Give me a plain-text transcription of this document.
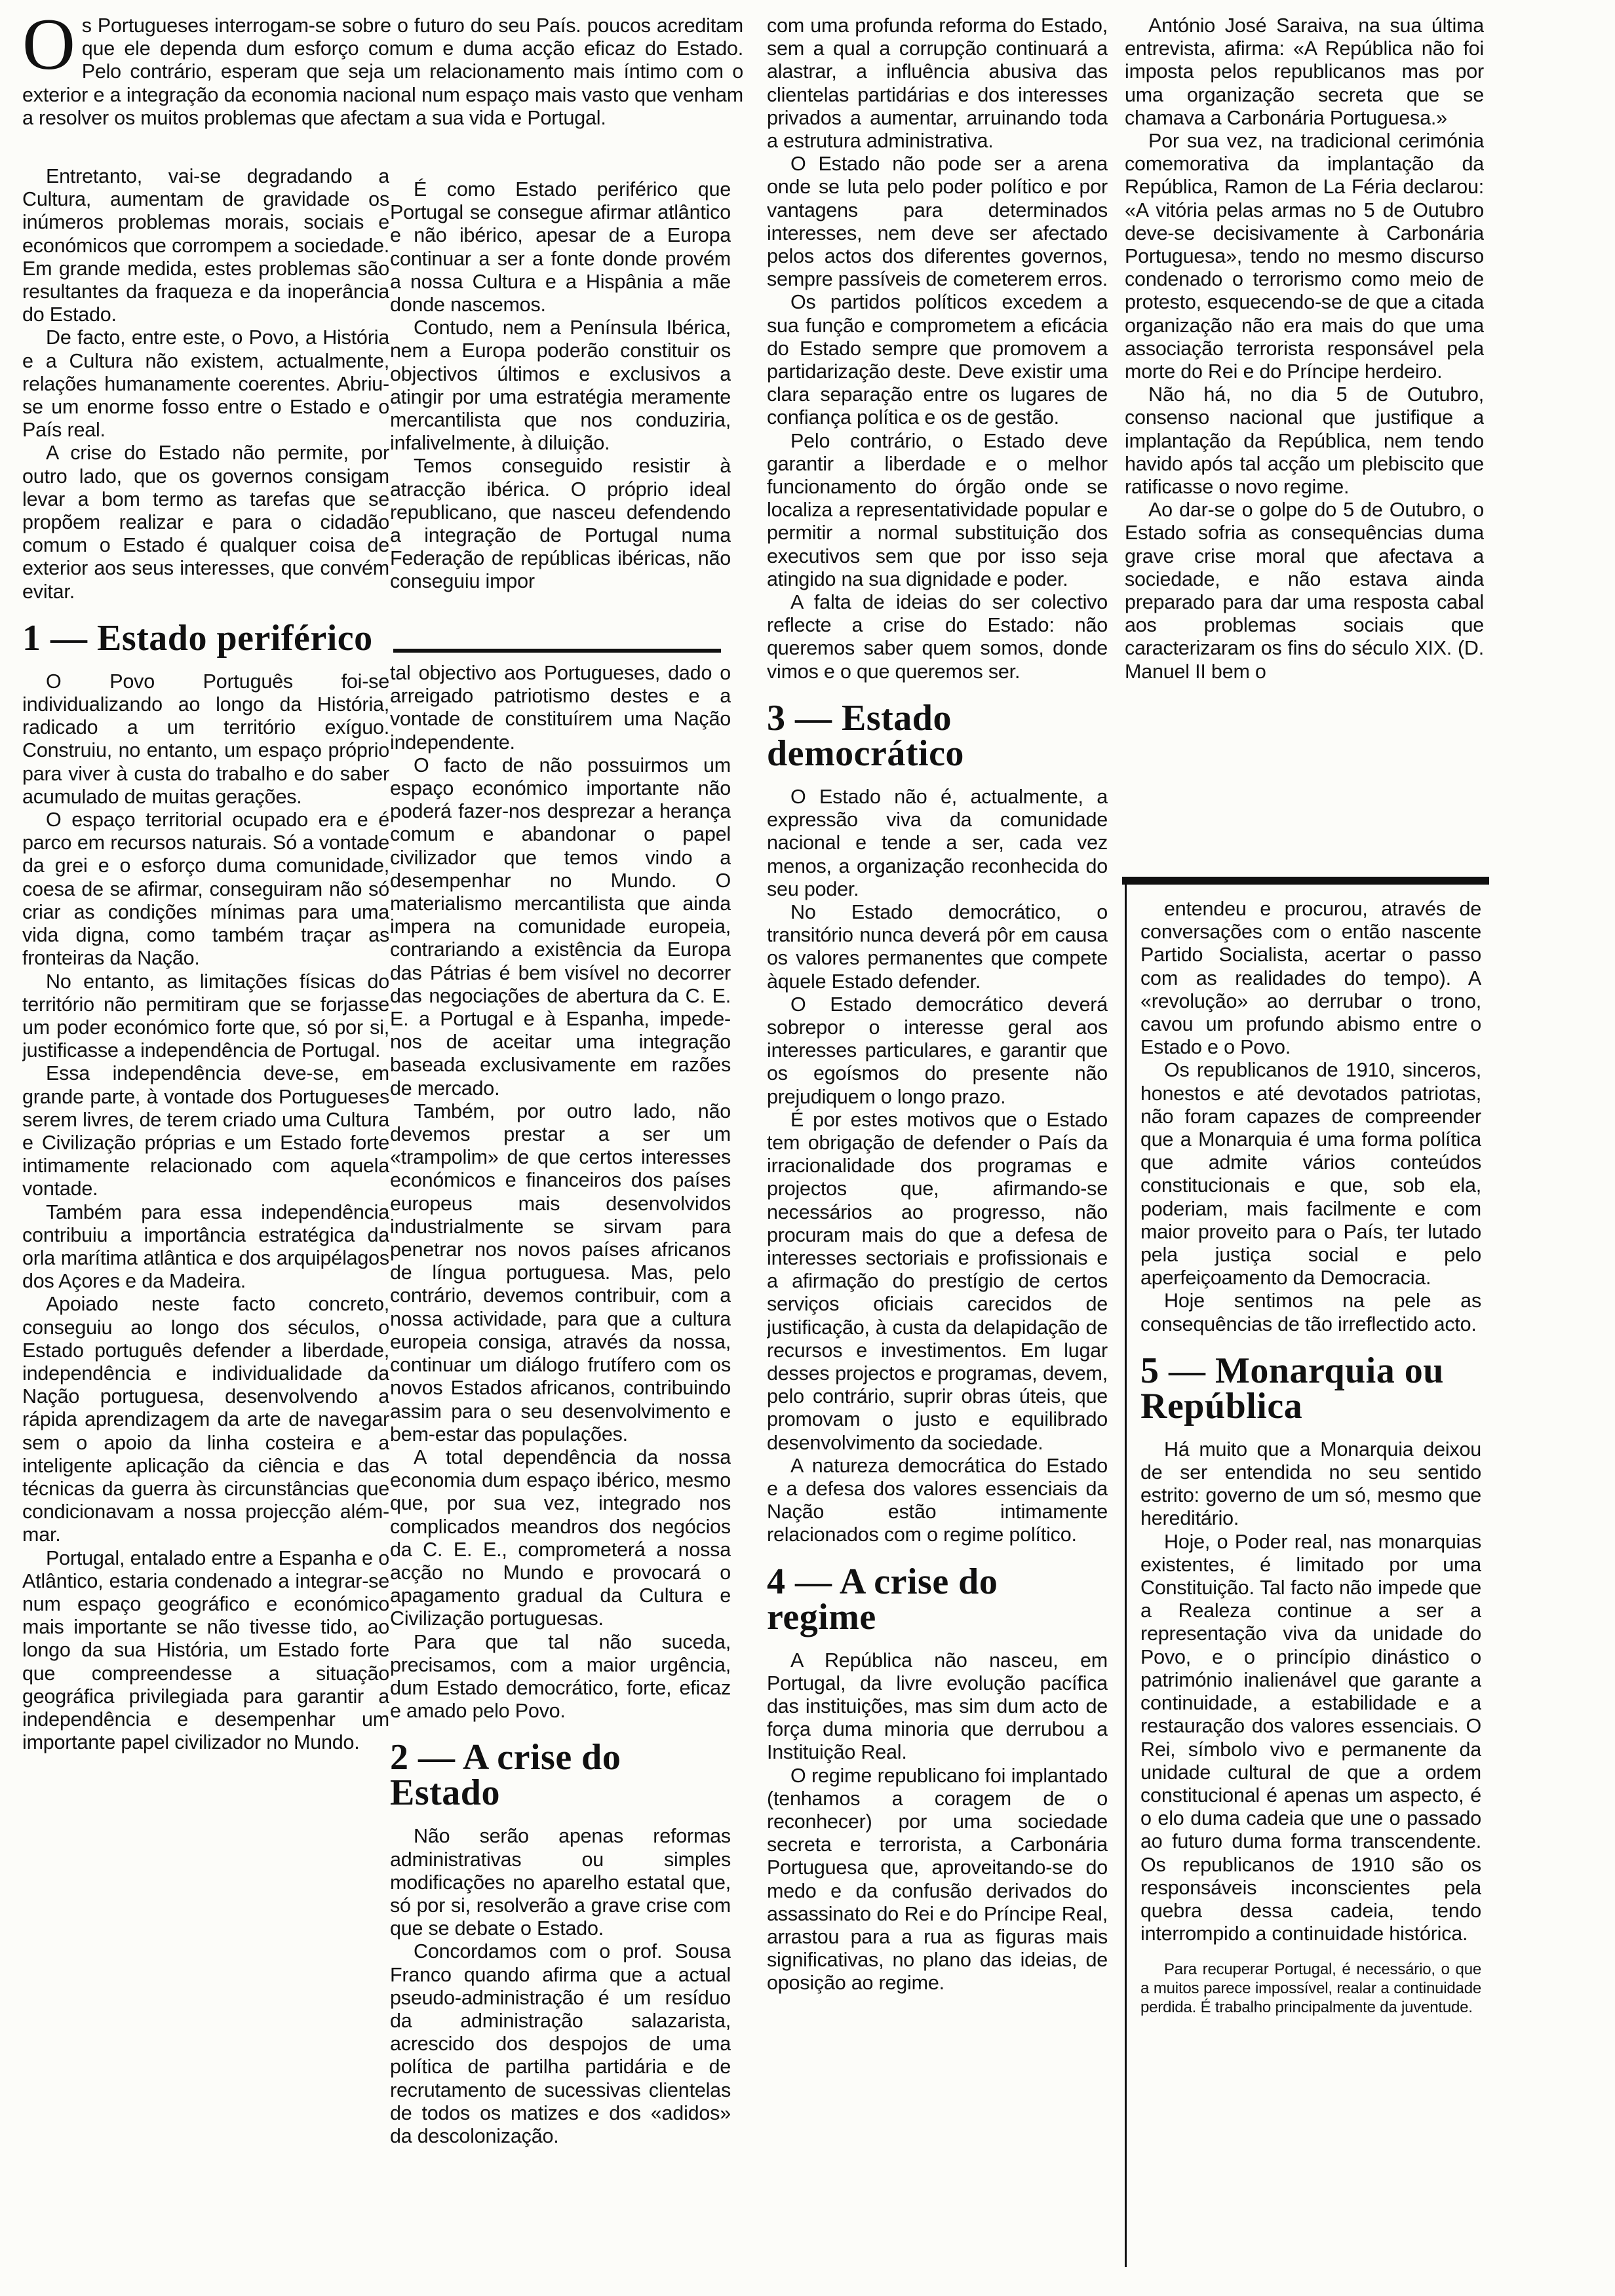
O s Portugueses interrogam-se sobre o futuro do seu País. poucos acreditam que ele dependa dum esforço comum e duma acção eficaz do Estado. Pelo contrário, esperam que seja um relacionamento mais íntimo com o exterior e a integração da economia nacional num espaço mais vasto que venham a resolver os muitos problemas que afectam a sua vida e Portugal.

Entretanto, vai-se degradando a Cultura, aumentam de gravidade os inúmeros problemas morais, sociais e económicos que corrompem a sociedade. Em grande medida, estes problemas são resultantes da fraqueza e da inoperância do Estado.

De facto, entre este, o Povo, a História e a Cultura não existem, actualmente, relações humanamente coerentes. Abriu-se um enorme fosso entre o Estado e o País real.

A crise do Estado não permite, por outro lado, que os governos consigam levar a bom termo as tarefas que se propõem realizar e para o cidadão comum o Estado é qualquer coisa de exterior aos seus interesses, que convém evitar.

1 — Estado periférico

O Povo Português foi-se individualizando ao longo da História, radicado a um território exíguo. Construiu, no entanto, um espaço próprio para viver à custa do trabalho e do saber acumulado de muitas gerações.

O espaço territorial ocupado era e é parco em recursos naturais. Só a vontade da grei e o esforço duma comunidade, coesa de se afirmar, conseguiram não só criar as condições mínimas para uma vida digna, como também traçar as fronteiras da Nação.

No entanto, as limitações físicas do território não permitiram que se forjasse um poder económico forte que, só por si, justificasse a independência de Portugal.

Essa independência deve-se, em grande parte, à vontade dos Portugueses serem livres, de terem criado uma Cultura e Civilização próprias e um Estado forte intimamente relacionado com aquela vontade.

Também para essa independência contribuiu a importância estratégica da orla marítima atlântica e dos arquipélagos dos Açores e da Madeira.

Apoiado neste facto concreto, conseguiu ao longo dos séculos, o Estado português defender a liberdade, independência e individualidade da Nação portuguesa, desenvolvendo a rápida aprendizagem da arte de navegar sem o apoio da linha costeira e a inteligente aplicação da ciência e das técnicas da guerra às circunstâncias que condicionavam a nossa projecção além-mar.

Portugal, entalado entre a Espanha e o Atlântico, estaria condenado a integrar-se num espaço geográfico e económico mais importante se não tivesse tido, ao longo da sua História, um Estado forte que compreendesse a situação geográfica privilegiada para garantir a independência e desempenhar um importante papel civilizador no Mundo.

É como Estado periférico que Portugal se consegue afirmar atlântico e não ibérico, apesar de a Europa continuar a ser a fonte donde provém a nossa Cultura e a Hispânia a mãe donde nascemos.

Contudo, nem a Península Ibérica, nem a Europa poderão constituir os objectivos últimos e exclusivos a atingir por uma estratégia meramente mercantilista que nos conduziria, infalivelmente, à diluição.

Temos conseguido resistir à atracção ibérica. O próprio ideal republicano, que nasceu defendendo a integração de Portugal numa Federação de repúblicas ibéricas, não conseguiu impor

tal objectivo aos Portugueses, dado o arreigado patriotismo destes e a vontade de constituírem uma Nação independente.

O facto de não possuirmos um espaço económico importante não poderá fazer-nos desprezar a herança comum e abandonar o papel civilizador que temos vindo a desempenhar no Mundo. O materialismo mercantilista que ainda impera na comunidade europeia, contrariando a existência da Europa das Pátrias é bem visível no decorrer das negociações de abertura da C. E. E. a Portugal e à Espanha, impede-nos de aceitar uma integração baseada exclusivamente em razões de mercado.

Também, por outro lado, não devemos prestar a ser um «trampolim» de que certos interesses económicos e financeiros dos países europeus mais desenvolvidos industrialmente se sirvam para penetrar nos novos países africanos de língua portuguesa. Mas, pelo contrário, devemos contribuir, com a nossa actividade, para que a cultura europeia consiga, através da nossa, continuar um diálogo frutífero com os novos Estados africanos, contribuindo assim para o seu desenvolvimento e bem-estar das populações.

A total dependência da nossa economia dum espaço ibérico, mesmo que, por sua vez, integrado nos complicados meandros dos negócios da C. E. E., comprometerá a nossa acção no Mundo e provocará o apagamento gradual da Cultura e Civilização portuguesas.

Para que tal não suceda, precisamos, com a maior urgência, dum Estado democrático, forte, eficaz e amado pelo Povo.

2 — A crise do Estado

Não serão apenas reformas administrativas ou simples modificações no aparelho estatal que, só por si, resolverão a grave crise com que se debate o Estado.

Concordamos com o prof. Sousa Franco quando afirma que a actual pseudo-administração é um resíduo da administração salazarista, acrescido dos despojos de uma política de partilha partidária e de recrutamento de sucessivas clientelas de todos os matizes e dos «adidos» da descolonização.

com uma profunda reforma do Estado, sem a qual a corrupção continuará a alastrar, a influência abusiva das clientelas partidárias e dos interesses privados a aumentar, arruinando toda a estrutura administrativa.

O Estado não pode ser a arena onde se luta pelo poder político e por vantagens para determinados interesses, nem deve ser afectado pelos actos dos diferentes governos, sempre passíveis de cometerem erros.

Os partidos políticos excedem a sua função e comprometem a eficácia do Estado sempre que promovem a partidarização deste. Deve existir uma clara separação entre os lugares de confiança política e os de gestão.

Pelo contrário, o Estado deve garantir a liberdade e o melhor funcionamento do órgão onde se localiza a representatividade popular e permitir a normal substituição dos executivos sem que por isso seja atingido na sua dignidade e poder.

A falta de ideias do ser colectivo reflecte a crise do Estado: não queremos saber quem somos, donde vimos e o que queremos ser.

3 — Estado democrático

O Estado não é, actualmente, a expressão viva da comunidade nacional e tende a ser, cada vez menos, a organização reconhecida do seu poder.

No Estado democrático, o transitório nunca deverá pôr em causa os valores permanentes que compete àquele Estado defender.

O Estado democrático deverá sobrepor o interesse geral aos interesses particulares, e garantir que os egoísmos do presente não prejudiquem o longo prazo.

É por estes motivos que o Estado tem obrigação de defender o País da irracionalidade dos programas e projectos que, afirmando-se necessários ao progresso, não procuram mais do que a defesa de interesses sectoriais e profissionais e a afirmação do prestígio de certos serviços oficiais carecidos de justificação, à custa da delapidação de recursos e investimentos. Em lugar desses projectos e programas, devem, pelo contrário, suprir obras úteis, que promovam o justo e equilibrado desenvolvimento da sociedade.

A natureza democrática do Estado e a defesa dos valores essenciais da Nação estão intimamente relacionados com o regime político.

4 — A crise do regime

A República não nasceu, em Portugal, da livre evolução pacífica das instituições, mas sim dum acto de força duma minoria que derrubou a Instituição Real.

O regime republicano foi implantado (tenhamos a coragem de o reconhecer) por uma sociedade secreta e terrorista, a Carbonária Portuguesa que, aproveitando-se do medo e da confusão derivados do assassinato do Rei e do Príncipe Real, arrastou para a rua as figuras mais significativas, no plano das ideias, de oposição ao regime.

António José Saraiva, na sua última entrevista, afirma: «A República não foi imposta pelos republicanos mas por uma organização secreta que se chamava a Carbonária Portuguesa.»

Por sua vez, na tradicional cerimónia comemorativa da implantação da República, Ramon de La Féria declarou: «A vitória pelas armas no 5 de Outubro deve-se decisivamente à Carbonária Portuguesa», tendo no mesmo discurso condenado o terrorismo como meio de protesto, esquecendo-se de que a citada organização não era mais do que uma associação terrorista responsável pela morte do Rei e do Príncipe herdeiro.

Não há, no dia 5 de Outubro, consenso nacional que justifique a implantação da República, nem tendo havido após tal acção um plebiscito que ratificasse o novo regime.

Ao dar-se o golpe do 5 de Outubro, o Estado sofria as consequências duma grave crise moral que afectava a sociedade, e não estava ainda preparado para dar uma resposta cabal aos problemas sociais que caracterizaram os fins do século XIX. (D. Manuel II bem o

entendeu e procurou, através de conversações com o então nascente Partido Socialista, acertar o passo com as realidades do tempo). A «revolução» ao derrubar o trono, cavou um profundo abismo entre o Estado e o Povo.

Os republicanos de 1910, sinceros, honestos e até devotados patriotas, não foram capazes de compreender que a Monarquia é uma forma política que admite vários conteúdos constitucionais e que, sob ela, poderiam, mais facilmente e com maior proveito para o País, ter lutado pela justiça social e pelo aperfeiçoamento da Democracia.

Hoje sentimos na pele as consequências de tão irreflectido acto.

5 — Monarquia ou República

Há muito que a Monarquia deixou de ser entendida no seu sentido estrito: governo de um só, mesmo que hereditário.

Hoje, o Poder real, nas monarquias existentes, é limitado por uma Constituição. Tal facto não impede que a Realeza continue a ser a representação viva da unidade do Povo, e o princípio dinástico o património inalienável que garante a continuidade, a estabilidade e a restauração dos valores essenciais. O Rei, símbolo vivo e permanente da unidade cultural de que a ordem constitucional é apenas um aspecto, é o elo duma cadeia que une o passado ao futuro duma forma transcendente. Os republicanos de 1910 são os responsáveis inconscientes pela quebra dessa cadeia, tendo interrompido a continuidade histórica.

Para recuperar Portugal, é necessário, o que a muitos parece impossível, realar a continuidade perdida. É trabalho principalmente da juventude.
